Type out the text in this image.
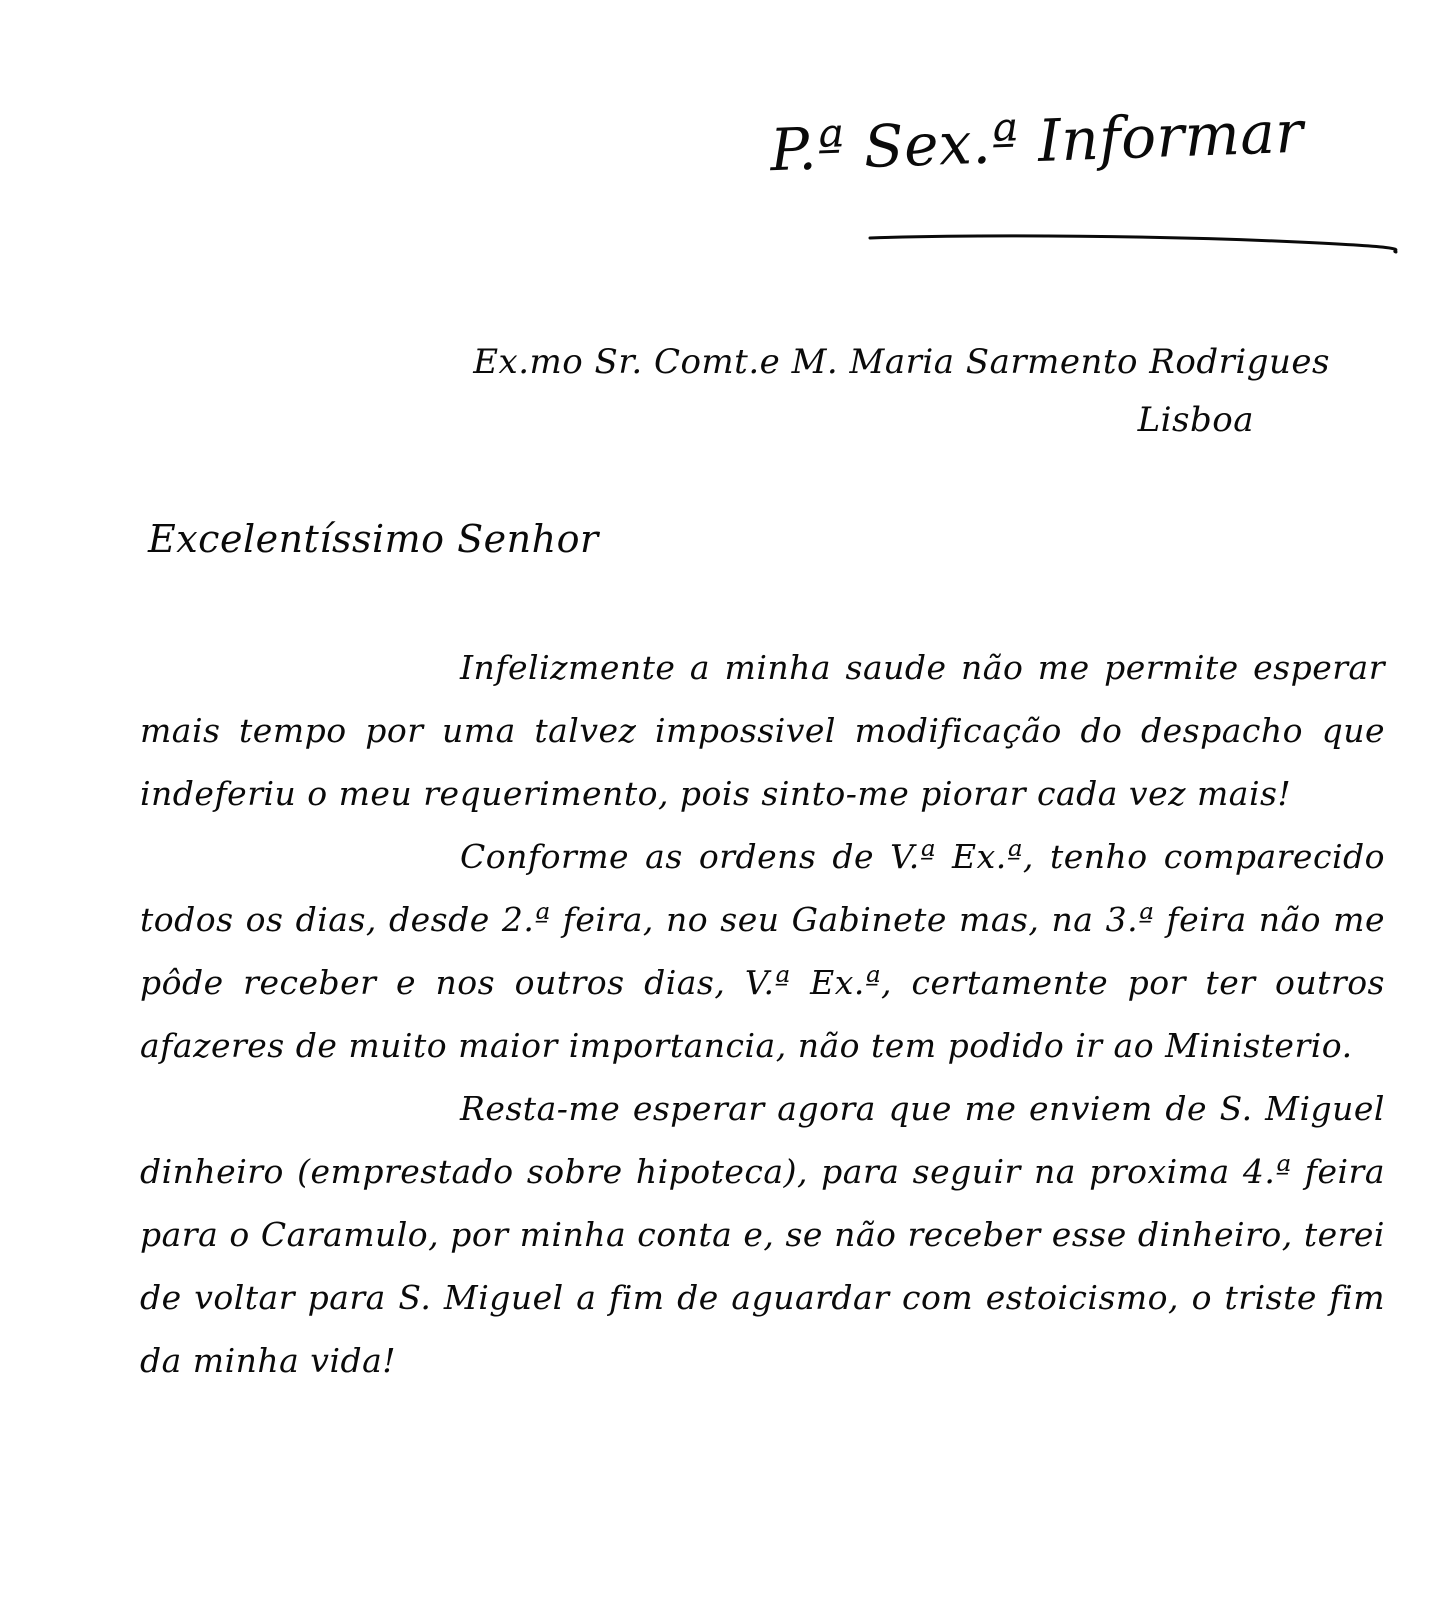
P.ª Sex.ª Informar
Ex.mo Sr. Comt.e M. Maria Sarmento Rodrigues
Lisboa
Excelentíssimo Senhor

Infelizmente a minha saude não me permite esperar mais tempo por uma talvez impossivel modificação do despacho que indeferiu o meu requerimento, pois sinto-me piorar cada vez mais!

Conforme as ordens de V.ª Ex.ª, tenho comparecido todos os dias, desde 2.ª feira, no seu Gabinete mas, na 3.ª feira não me pôde receber e nos outros dias, V.ª Ex.ª, certamente por ter outros afazeres de muito maior importancia, não tem podido ir ao Ministerio.

Resta-me esperar agora que me enviem de S. Miguel dinheiro (emprestado sobre hipoteca), para seguir na proxima 4.ª feira para o Caramulo, por minha conta e, se não receber esse dinheiro, terei de voltar para S. Miguel a fim de aguardar com estoicismo, o triste fim da minha vida!
